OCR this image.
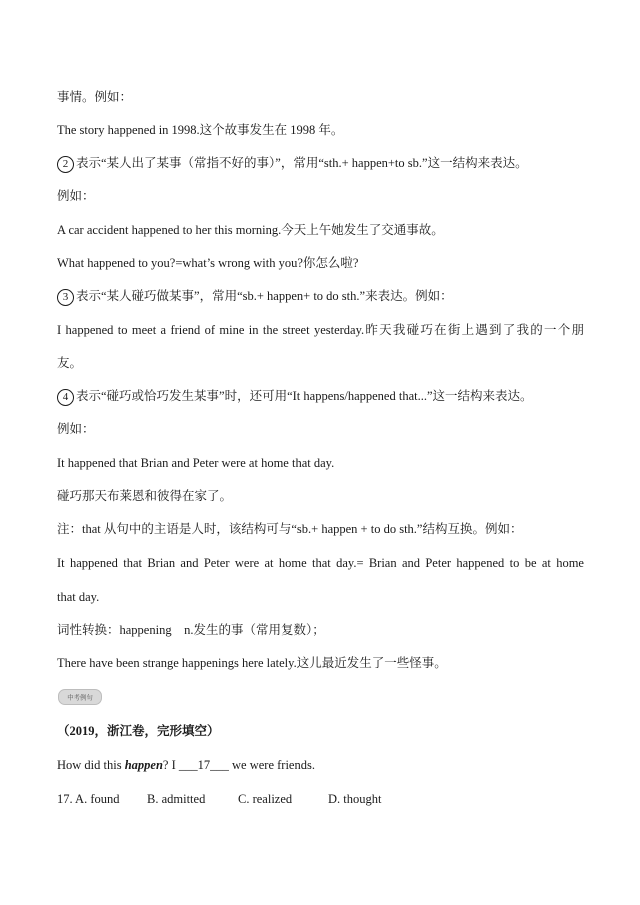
事情。例如：
The story happened in 1998.这个故事发生在 1998 年。
2 表示“某人出了某事（常指不好的事）”，常用“sth.+ happen+to sb.”这一结构来表达。
例如：
A car accident happened to her this morning.今天上午她发生了交通事故。
What happened to you?=what’s wrong with you?你怎么啦?
3 表示“某人碰巧做某事”，常用“sb.+ happen+ to do sth.”来表达。例如：
I happened to meet a friend of mine in the street yesterday.昨天我碰巧在街上遇到了我的一个朋
友。
4 表示“碰巧或恰巧发生某事”时，还可用“It happens/happened that...”这一结构来表达。
例如：
It happened that Brian and Peter were at home that day.
碰巧那天布莱恩和彼得在家了。
注：that 从句中的主语是人时，该结构可与“sb.+ happen + to do sth.”结构互换。例如：
It happened that Brian and Peter were at home that day.= Brian and Peter happened to be at home
that day.
词性转换：happening    n.发生的事（常用复数）；
There have been strange happenings here lately.这儿最近发生了一些怪事。
中考例句
（2019，浙江卷，完形填空）
How did this happen? I ___17___ we were friends.
17. A. found B. admitted	C. realized	D. thought
